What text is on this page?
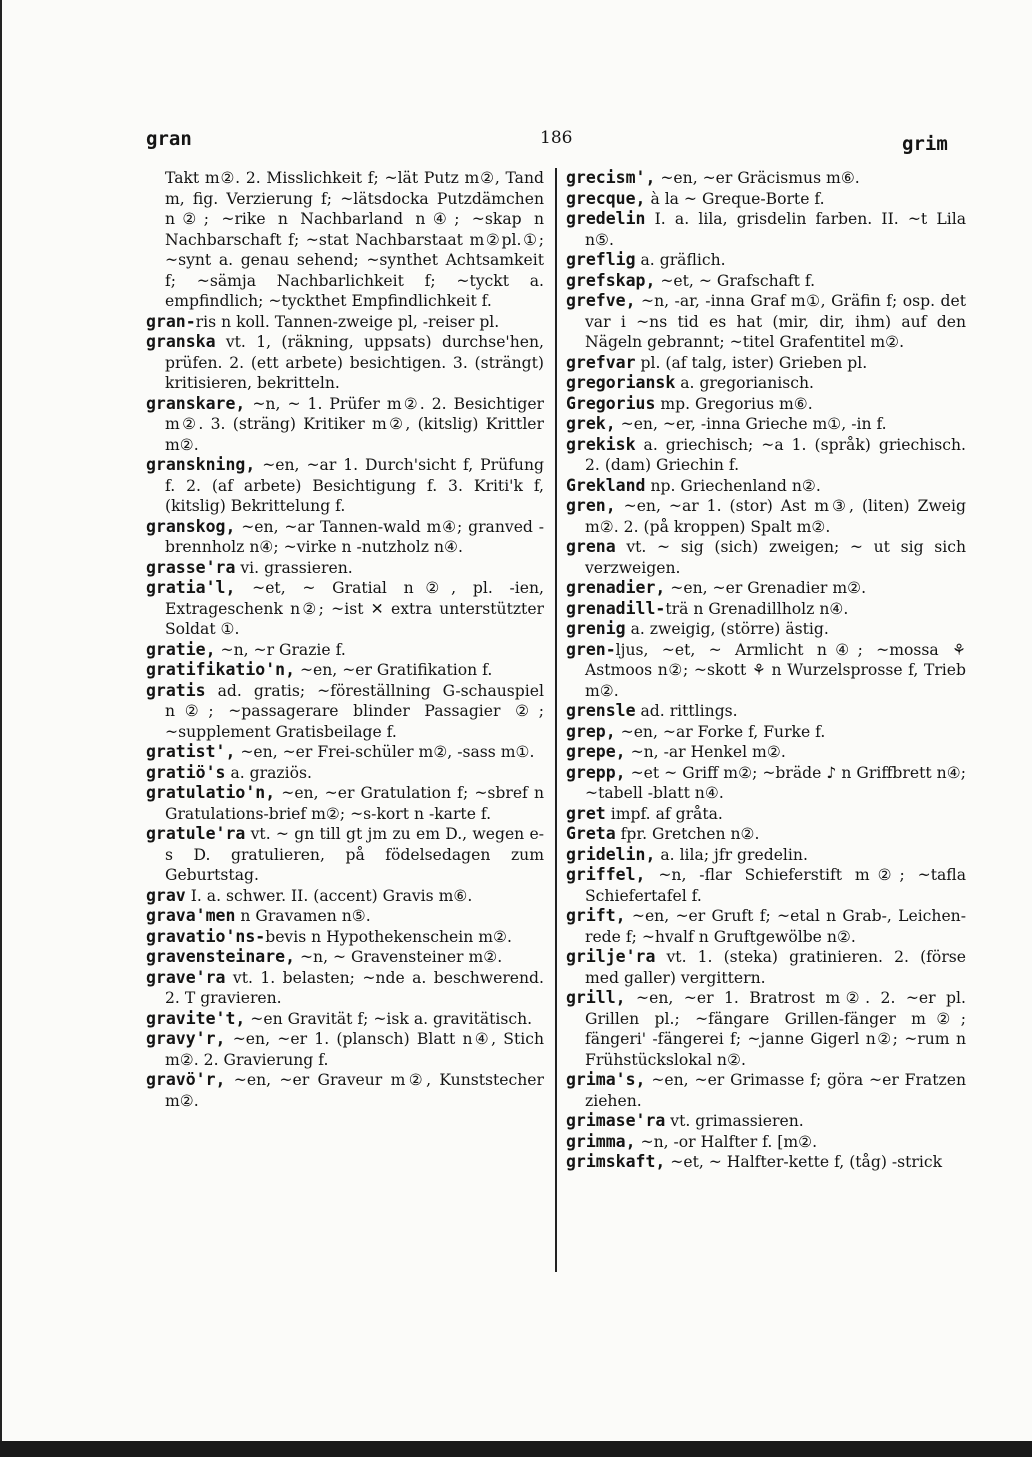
gran	186	grim

Takt m②. 2. Misslichkeit f; ~lät Putz m②, Tand m, fig. Verzierung f; ~lätsdocka Putzdämchen n②; ~rike n Nachbarland n④; ~skap n Nachbarschaft f; ~stat Nachbarstaat m②pl.①; ~synt a. genau sehend; ~synthet Achtsamkeit f; ~sämja Nachbarlichkeit f; ~tyckt a. empfindlich; ~tyckthet Empfindlichkeit f.

gran-ris n koll. Tannen-zweige pl, -reiser pl.

granska vt. 1, (räkning, uppsats) durchse'hen, prüfen. 2. (ett arbete) besichtigen. 3. (strängt) kritisieren, bekritteln.

granskare, ~n, ~ 1. Prüfer m②. 2. Besichtiger m②. 3. (sträng) Kritiker m②, (kitslig) Krittler m②.

granskning, ~en, ~ar 1. Durch'sicht f, Prüfung f. 2. (af arbete) Besichtigung f. 3. Kriti'k f, (kitslig) Bekrittelung f.

granskog, ~en, ~ar Tannen-wald m④; granved -brennholz n④; ~virke n -nutzholz n④.

grasse'ra vi. grassieren.

gratia'l, ~et, ~ Gratial n②, pl. -ien, Extrageschenk n②; ~ist ✕ extra unterstützter Soldat ①.

gratie, ~n, ~r Grazie f.

gratifikatio'n, ~en, ~er Gratifikation f.

gratis ad. gratis; ~föreställning G-schauspiel n②; ~passagerare blinder Passagier ②; ~supplement Gratisbeilage f.

gratist', ~en, ~er Frei-schüler m②, -sass m①.

gratiö's a. graziös.

gratulatio'n, ~en, ~er Gratulation f; ~sbref n Gratulations-brief m②; ~s-kort n -karte f.

gratule'ra vt. ~ gn till gt jm zu em D., wegen e-s D. gratulieren, på födelsedagen zum Geburtstag.

grav I. a. schwer. II. (accent) Gravis m⑥.

grava'men n Gravamen n⑤.

gravatio'ns-bevis n Hypothekenschein m②.

gravensteinare, ~n, ~ Gravensteiner m②.

grave'ra vt. 1. belasten; ~nde a. beschwerend. 2. T gravieren.

gravite't, ~en Gravität f; ~isk a. gravitätisch.

gravy'r, ~en, ~er 1. (plansch) Blatt n④, Stich m②. 2. Gravierung f.

gravö'r, ~en, ~er Graveur m②, Kunststecher m②.

grecism', ~en, ~er Gräcismus m⑥.

grecque, à la ~ Greque-Borte f.

gredelin I. a. lila, grisdelin farben. II. ~t Lila n⑤.

greflig a. gräflich.

grefskap, ~et, ~ Grafschaft f.

grefve, ~n, -ar, -inna Graf m①, Gräfin f; osp. det var i ~ns tid es hat (mir, dir, ihm) auf den Nägeln gebrannt; ~titel Grafentitel m②.

grefvar pl. (af talg, ister) Grieben pl.

gregoriansk a. gregorianisch.

Gregorius mp. Gregorius m⑥.

grek, ~en, ~er, -inna Grieche m①, -in f.

grekisk a. griechisch; ~a 1. (språk) griechisch. 2. (dam) Griechin f.

Grekland np. Griechenland n②.

gren, ~en, ~ar 1. (stor) Ast m③, (liten) Zweig m②. 2. (på kroppen) Spalt m②.

grena vt. ~ sig (sich) zweigen; ~ ut sig sich verzweigen.

grenadier, ~en, ~er Grenadier m②.

grenadill-trä n Grenadillholz n④.

grenig a. zweigig, (större) ästig.

gren-ljus, ~et, ~ Armlicht n④; ~mossa ⚘ Astmoos n②; ~skott ⚘ n Wurzelsprosse f, Trieb m②.

grensle ad. rittlings.

grep, ~en, ~ar Forke f, Furke f.

grepe, ~n, -ar Henkel m②.

grepp, ~et ~ Griff m②; ~bräde ♪ n Griffbrett n④; ~tabell -blatt n④.

gret impf. af gråta.

Greta fpr. Gretchen n②.

gridelin, a. lila; jfr gredelin.

griffel, ~n, -flar Schieferstift m②; ~tafla Schiefertafel f.

grift, ~en, ~er Gruft f; ~etal n Grab-, Leichen-rede f; ~hvalf n Gruftgewölbe n②.

grilje'ra vt. 1. (steka) gratinieren. 2. (förse med galler) vergittern.

grill, ~en, ~er 1. Bratrost m②. 2. ~er pl. Grillen pl.; ~fängare Grillen-fänger m②; fängeri' -fängerei f; ~janne Gigerl n②; ~rum n Frühstückslokal n②.

grima's, ~en, ~er Grimasse f; göra ~er Fratzen ziehen.

grimase'ra vt. grimassieren.

grimma, ~n, -or Halfter f. [m②.

grimskaft, ~et, ~ Halfter-kette f, (tåg) -strick
